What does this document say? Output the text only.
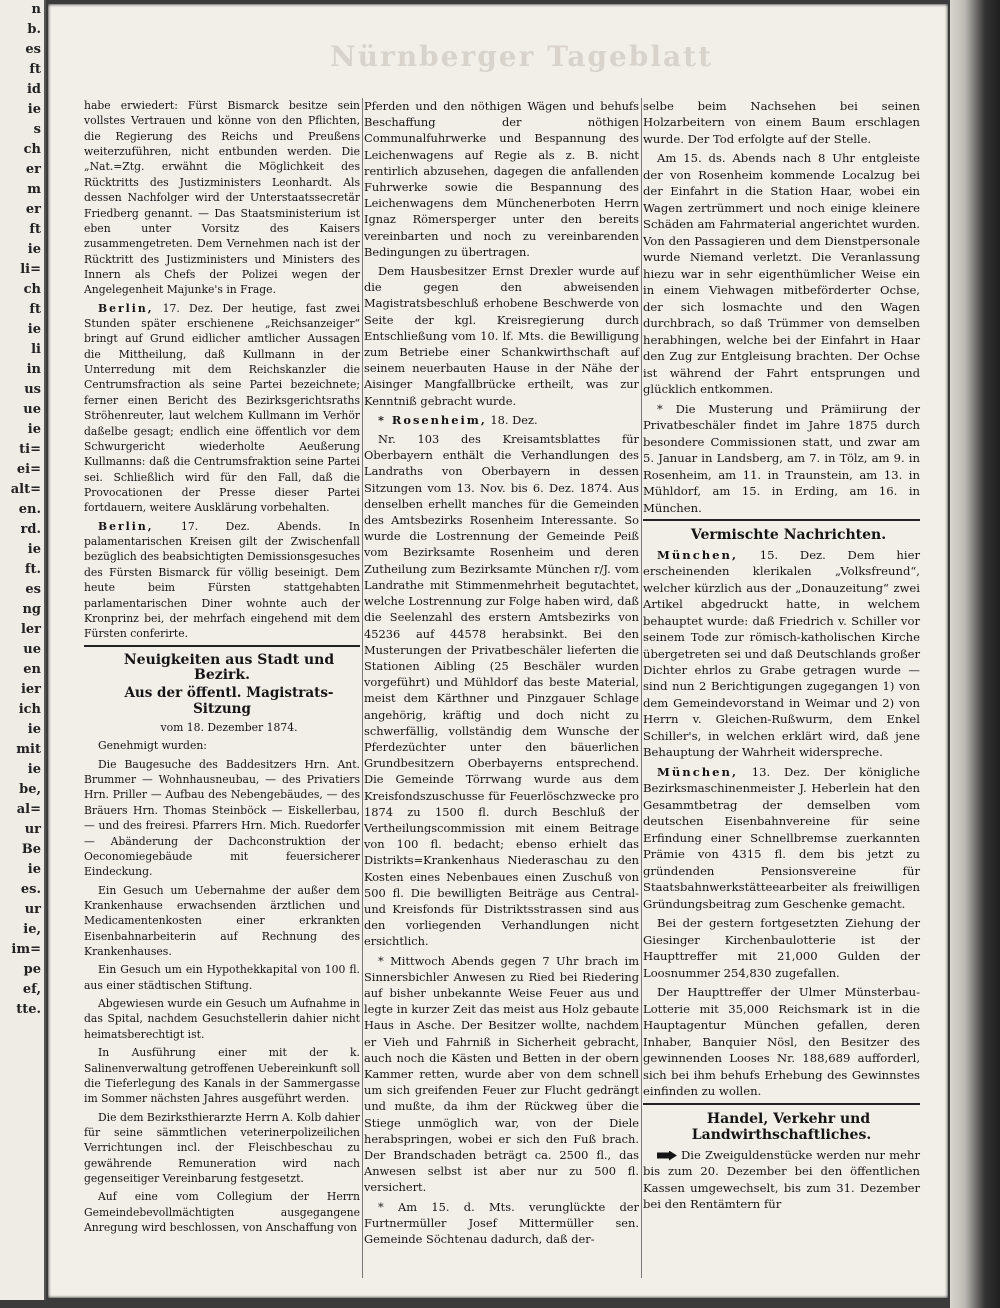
n
b.
es
ft
id
ie
s
ch
er
m
er
ft
ie
li=
ch
ft
ie
li
in
us
ue
ie
ti=
ei=
alt=
en.
rd.
ie
ft.
es
ng
ler
ue
en
ier
ich
ie
mit
ie
be,
al=
ur
Be
ie
es.
ur
ie,
im=
pe
ef,
tte.
Nürnberger Tageblatt

habe erwiedert: Fürst Bismarck besitze sein vollstes Vertrauen und könne von den Pflichten, die Regierung des Reichs und Preußens weiterzuführen, nicht entbunden werden. Die „Nat.=Ztg. erwähnt die Möglichkeit des Rücktritts des Justizministers Leonhardt. Als dessen Nachfolger wird der Unterstaatssecretär Friedberg genannt. — Das Staatsministerium ist eben unter Vorsitz des Kaisers zusammengetreten. Dem Vernehmen nach ist der Rücktritt des Justizministers und Ministers des Innern als Chefs der Polizei wegen der Angelegenheit Majunke's in Frage.

Berlin, 17. Dez. Der heutige, fast zwei Stunden später erschienene „Reichsanzeiger“ bringt auf Grund eidlicher amtlicher Aussagen die Mittheilung, daß Kullmann in der Unterredung mit dem Reichskanzler die Centrumsfraction als seine Partei bezeichnete; ferner einen Bericht des Bezirksgerichtsraths Ströhenreuter, laut welchem Kullmann im Verhör daßelbe gesagt; endlich eine öffentlich vor dem Schwurgericht wiederholte Aeußerung Kullmanns: daß die Centrumsfraktion seine Partei sei. Schließlich wird für den Fall, daß die Provocationen der Presse dieser Partei fortdauern, weitere Ausklärung vorbehalten.

Berlin, 17. Dez. Abends. In palamentarischen Kreisen gilt der Zwischenfall bezüglich des beabsichtigten Demissionsgesuches des Fürsten Bismarck für völlig beseinigt. Dem heute beim Fürsten stattgehabten parlamentarischen Diner wohnte auch der Kronprinz bei, der mehrfach eingehend mit dem Fürsten conferirte.

Neuigkeiten aus Stadt und Bezirk.

Aus der öffentl. Magistrats-Sitzung

vom 18. Dezember 1874.

Genehmigt wurden:

Die Baugesuche des Baddesitzers Hrn. Ant. Brummer — Wohnhausneubau, — des Privatiers Hrn. Priller — Aufbau des Nebengebäudes, — des Bräuers Hrn. Thomas Steinböck — Eiskellerbau, — und des freiresi. Pfarrers Hrn. Mich. Ruedorfer — Abänderung der Dachconstruktion der Oeconomiegebäude mit feuersicherer Eindeckung.

Ein Gesuch um Uebernahme der außer dem Krankenhause erwachsenden ärztlichen und Medicamentenkosten einer erkrankten Eisenbahnarbeiterin auf Rechnung des Krankenhauses.

Ein Gesuch um ein Hypothekkapital von 100 fl. aus einer städtischen Stiftung.

Abgewiesen wurde ein Gesuch um Aufnahme in das Spital, nachdem Gesuchstellerin dahier nicht heimatsberechtigt ist.

In Ausführung einer mit der k. Salinenverwaltung getroffenen Uebereinkunft soll die Tieferlegung des Kanals in der Sammergasse im Sommer nächsten Jahres ausgeführt werden.

Die dem Bezirksthierarzte Herrn A. Kolb dahier für seine sämmtlichen veterinerpolizeilichen Verrichtungen incl. der Fleischbeschau zu gewährende Remuneration wird nach gegenseitiger Vereinbarung festgesetzt.

Auf eine vom Collegium der Herrn Gemeindebevollmächtigten ausgegangene Anregung wird beschlossen, von Anschaffung von

Pferden und den nöthigen Wägen und behufs Beschaffung der nöthigen Communalfuhrwerke und Bespannung des Leichenwagens auf Regie als z. B. nicht rentirlich abzusehen, dagegen die anfallenden Fuhrwerke sowie die Bespannung des Leichenwagens dem Münchenerboten Herrn Ignaz Römersperger unter den bereits vereinbarten und noch zu vereinbarenden Bedingungen zu übertragen.

Dem Hausbesitzer Ernst Drexler wurde auf die gegen den abweisenden Magistratsbeschluß erhobene Beschwerde von Seite der kgl. Kreisregierung durch Entschließung vom 10. lf. Mts. die Bewilligung zum Betriebe einer Schankwirthschaft auf seinem neuerbauten Hause in der Nähe der Aisinger Mangfallbrücke ertheilt, was zur Kenntniß gebracht wurde.

* Rosenheim, 18. Dez.

Nr. 103 des Kreisamtsblattes für Oberbayern enthält die Verhandlungen des Landraths von Oberbayern in dessen Sitzungen vom 13. Nov. bis 6. Dez. 1874. Aus denselben erhellt manches für die Gemeinden des Amtsbezirks Rosenheim Interessante. So wurde die Lostrennung der Gemeinde Peiß vom Bezirksamte Rosenheim und deren Zutheilung zum Bezirksamte München r/J. vom Landrathe mit Stimmenmehrheit begutachtet, welche Lostrennung zur Folge haben wird, daß die Seelenzahl des erstern Amtsbezirks von 45236 auf 44578 herabsinkt. Bei den Musterungen der Privatbeschäler lieferten die Stationen Aibling (25 Beschäler wurden vorgeführt) und Mühldorf das beste Material, meist dem Kärthner und Pinzgauer Schlage angehörig, kräftig und doch nicht zu schwerfällig, vollständig dem Wunsche der Pferdezüchter unter den bäuerlichen Grundbesitzern Oberbayerns entsprechend. Die Gemeinde Törrwang wurde aus dem Kreisfondszuschusse für Feuerlöschzwecke pro 1874 zu 1500 fl. durch Beschluß der Vertheilungscommission mit einem Beitrage von 100 fl. bedacht; ebenso erhielt das Distrikts=Krankenhaus Niederaschau zu den Kosten eines Nebenbaues einen Zuschuß von 500 fl. Die bewilligten Beiträge aus Central- und Kreisfonds für Distriktsstrassen sind aus den vorliegenden Verhandlungen nicht ersichtlich.

* Mittwoch Abends gegen 7 Uhr brach im Sinnersbichler Anwesen zu Ried bei Riedering auf bisher unbekannte Weise Feuer aus und legte in kurzer Zeit das meist aus Holz gebaute Haus in Asche. Der Besitzer wollte, nachdem er Vieh und Fahrniß in Sicherheit gebracht, auch noch die Kästen und Betten in der obern Kammer retten, wurde aber von dem schnell um sich greifenden Feuer zur Flucht gedrängt und mußte, da ihm der Rückweg über die Stiege unmöglich war, von der Diele herabspringen, wobei er sich den Fuß brach. Der Brandschaden beträgt ca. 2500 fl., das Anwesen selbst ist aber nur zu 500 fl. versichert.

* Am 15. d. Mts. verunglückte der Furtnermüller Josef Mittermüller sen. Gemeinde Söchtenau dadurch, daß der-

selbe beim Nachsehen bei seinen Holzarbeitern von einem Baum erschlagen wurde. Der Tod erfolgte auf der Stelle.

Am 15. ds. Abends nach 8 Uhr entgleiste der von Rosenheim kommende Localzug bei der Einfahrt in die Station Haar, wobei ein Wagen zertrümmert und noch einige kleinere Schäden am Fahrmaterial angerichtet wurden. Von den Passagieren und dem Dienstpersonale wurde Niemand verletzt. Die Veranlassung hiezu war in sehr eigenthümlicher Weise ein in einem Viehwagen mitbeförderter Ochse, der sich losmachte und den Wagen durchbrach, so daß Trümmer von demselben herabhingen, welche bei der Einfahrt in Haar den Zug zur Entgleisung brachten. Der Ochse ist während der Fahrt entsprungen und glücklich entkommen.

* Die Musterung und Prämiirung der Privatbeschäler findet im Jahre 1875 durch besondere Commissionen statt, und zwar am 5. Januar in Landsberg, am 7. in Tölz, am 9. in Rosenheim, am 11. in Traunstein, am 13. in Mühldorf, am 15. in Erding, am 16. in München.

Vermischte Nachrichten.

München, 15. Dez. Dem hier erscheinenden klerikalen „Volksfreund“, welcher kürzlich aus der „Donauzeitung“ zwei Artikel abgedruckt hatte, in welchem behauptet wurde: daß Friedrich v. Schiller vor seinem Tode zur römisch-katholischen Kirche übergetreten sei und daß Deutschlands großer Dichter ehrlos zu Grabe getragen wurde — sind nun 2 Berichtigungen zugegangen 1) von dem Gemeindevorstand in Weimar und 2) von Herrn v. Gleichen-Rußwurm, dem Enkel Schiller's, in welchen erklärt wird, daß jene Behauptung der Wahrheit widerspreche.

München, 13. Dez. Der königliche Bezirksmaschinenmeister J. Heberlein hat den Gesammtbetrag der demselben vom deutschen Eisenbahnvereine für seine Erfindung einer Schnellbremse zuerkannten Prämie von 4315 fl. dem bis jetzt zu gründenden Pensionsvereine für Staatsbahnwerkstätteearbeiter als freiwilligen Gründungsbeitrag zum Geschenke gemacht.

Bei der gestern fortgesetzten Ziehung der Giesinger Kirchenbaulotterie ist der Haupttreffer mit 21,000 Gulden der Loosnummer 254,830 zugefallen.

Der Haupttreffer der Ulmer Münsterbau-Lotterie mit 35,000 Reichsmark ist in die Hauptagentur München gefallen, deren Inhaber, Banquier Nösl, den Besitzer des gewinnenden Looses Nr. 188,689 aufforderl, sich bei ihm behufs Erhebung des Gewinnstes einfinden zu wollen.

Handel, Verkehr und Landwirthschaftliches.

Die Zweiguldenstücke werden nur mehr bis zum 20. Dezember bei den öffentlichen Kassen umgewechselt, bis zum 31. Dezember bei den Rentämtern für
